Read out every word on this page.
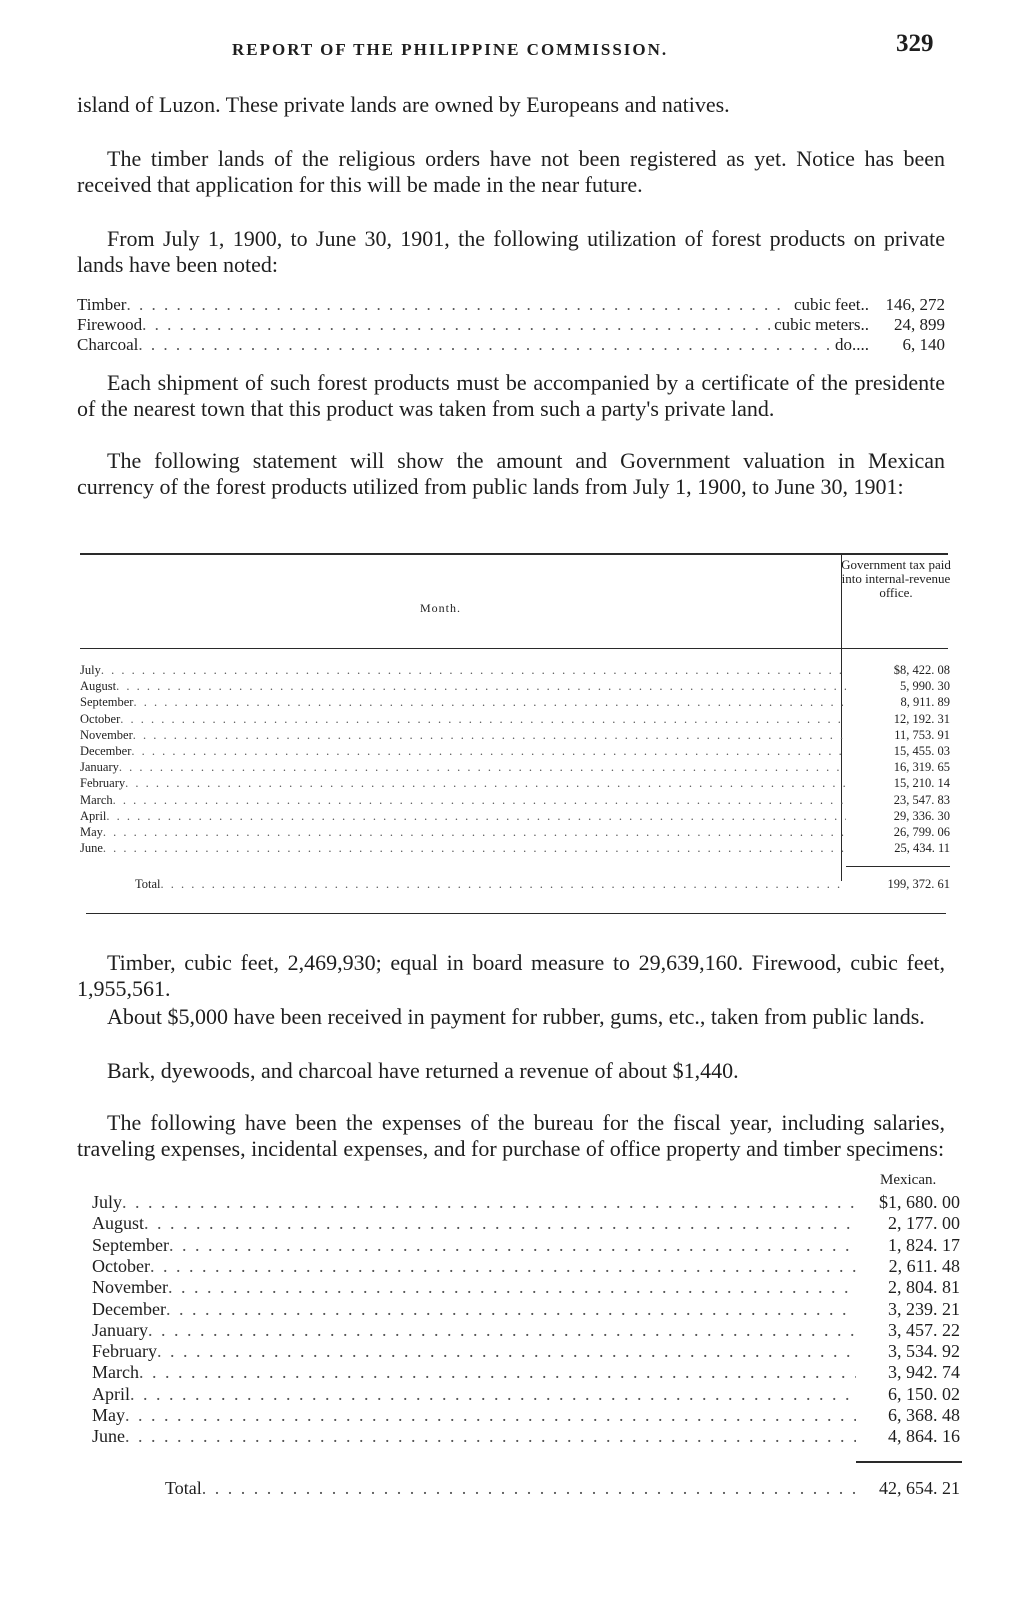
REPORT OF THE PHILIPPINE COMMISSION.	329

island of Luzon. These private lands are owned by Europeans and natives.

The timber lands of the religious orders have not been registered as yet. Notice has been received that application for this will be made in the near future.

From July 1, 1900, to June 30, 1901, the following utilization of forest products on private lands have been noted:

Timber . . .	cubic feet.. 146, 272
Firewood . . .	cubic meters..	24, 899
Charcoal . . .	do....	6, 140

Each shipment of such forest products must be accompanied by a certificate of the presidente of the nearest town that this product was taken from such a party's private land.

The following statement will show the amount and Government valuation in Mexican currency of the forest products utilized from public lands from July 1, 1900, to June 30, 1901:

Month.
Government tax paid into internal-revenue office.
July . . .	$8, 422. 08
August . . .	5, 990. 30
September . . .	8, 911. 89
October . . .	12, 192. 31
November . . .	11, 753. 91
December . . .	15, 455. 03
January . . .	16, 319. 65
February . . .	15, 210. 14
March . . .	23, 547. 83
April . . .	29, 336. 30
May . . .	26, 799. 06
June . . .	25, 434. 11
Total . . .	199, 372. 61

Timber, cubic feet, 2,469,930; equal in board measure to 29,639,160. Firewood, cubic feet, 1,955,561.

About $5,000 have been received in payment for rubber, gums, etc., taken from public lands.

Bark, dyewoods, and charcoal have returned a revenue of about $1,440.

The following have been the expenses of the bureau for the fiscal year, including salaries, traveling expenses, incidental expenses, and for purchase of office property and timber specimens:

Mexican.
July . . .	$1, 680. 00
August . . .	2, 177. 00
September . . .	1, 824. 17
October . . .	2, 611. 48
November . . .	2, 804. 81
December . . .	3, 239. 21
January . . .	3, 457. 22
February . . .	3, 534. 92
March . . .	3, 942. 74
April . . .	6, 150. 02
May . . .	6, 368. 48
June . . .	4, 864. 16
Total . . .	42, 654. 21
